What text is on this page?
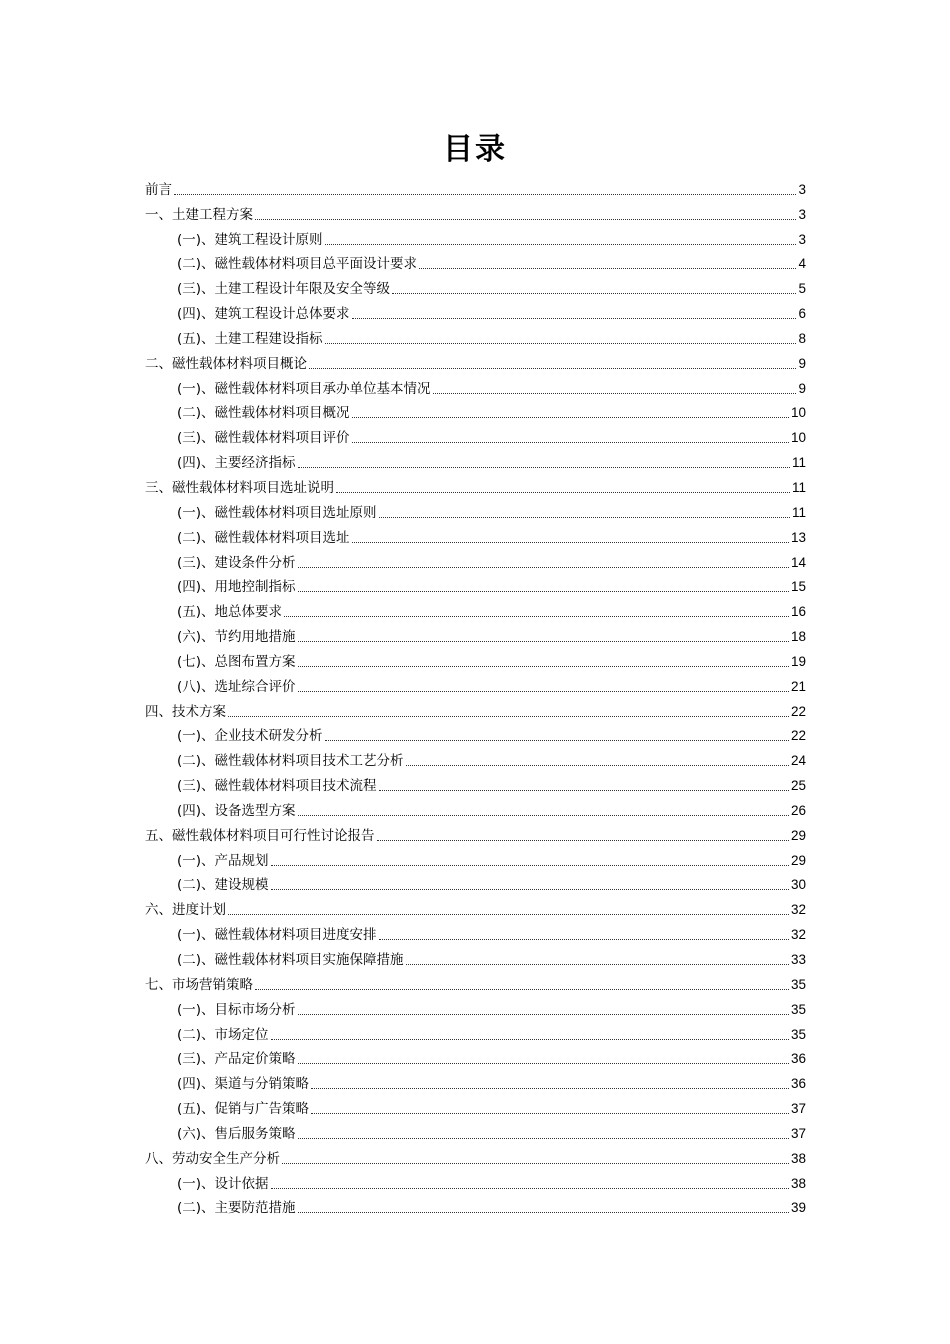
目录
前言	3
一、土建工程方案	3
(一)、建筑工程设计原则	3
(二)、磁性载体材料项目总平面设计要求	4
(三)、土建工程设计年限及安全等级	5
(四)、建筑工程设计总体要求	6
(五)、土建工程建设指标	8
二、磁性载体材料项目概论	9
(一)、磁性载体材料项目承办单位基本情况	9
(二)、磁性载体材料项目概况	10
(三)、磁性载体材料项目评价	10
(四)、主要经济指标	11
三、磁性载体材料项目选址说明	11
(一)、磁性载体材料项目选址原则	11
(二)、磁性载体材料项目选址	13
(三)、建设条件分析	14
(四)、用地控制指标	15
(五)、地总体要求	16
(六)、节约用地措施	18
(七)、总图布置方案	19
(八)、选址综合评价	21
四、技术方案	22
(一)、企业技术研发分析	22
(二)、磁性载体材料项目技术工艺分析	24
(三)、磁性载体材料项目技术流程	25
(四)、设备选型方案	26
五、磁性载体材料项目可行性讨论报告	29
(一)、产品规划	29
(二)、建设规模	30
六、进度计划	32
(一)、磁性载体材料项目进度安排	32
(二)、磁性载体材料项目实施保障措施	33
七、市场营销策略	35
(一)、目标市场分析	35
(二)、市场定位	35
(三)、产品定价策略	36
(四)、渠道与分销策略	36
(五)、促销与广告策略	37
(六)、售后服务策略	37
八、劳动安全生产分析	38
(一)、设计依据	38
(二)、主要防范措施	39
